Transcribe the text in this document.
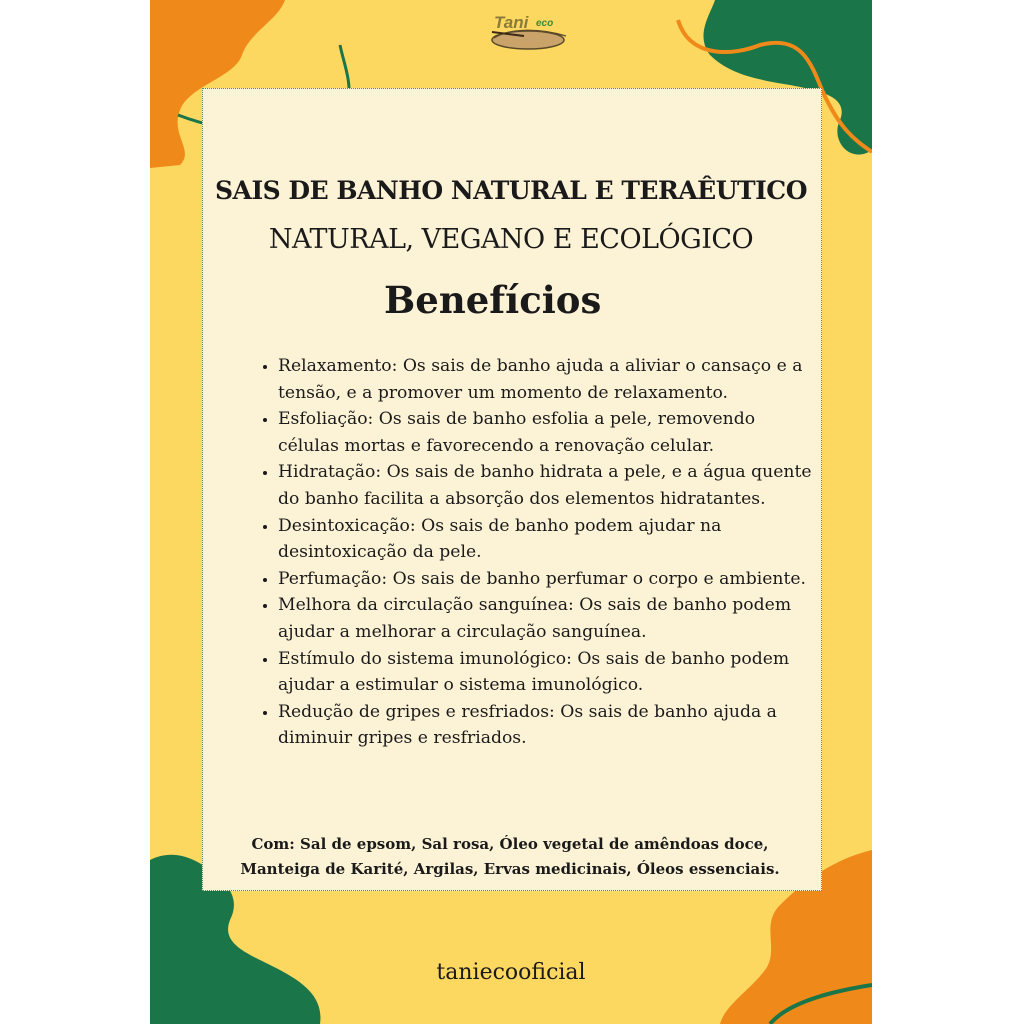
Tani eco
SAIS DE BANHO NATURAL E TERAÊUTICO
NATURAL, VEGANO E ECOLÓGICO
Benefícios
• Relaxamento: Os sais de banho ajuda a aliviar o cansaço e a tensão, e a promover um momento de relaxamento.
• Esfoliação: Os sais de banho esfolia a pele, removendo células mortas e favorecendo a renovação celular.
• Hidratação: Os sais de banho hidrata a pele, e a água quente do banho facilita a absorção dos elementos hidratantes.
• Desintoxicação: Os sais de banho podem ajudar na desintoxicação da pele.
• Perfumação: Os sais de banho perfumar o corpo e ambiente.
• Melhora da circulação sanguínea: Os sais de banho podem ajudar a melhorar a circulação sanguínea.
• Estímulo do sistema imunológico: Os sais de banho podem ajudar a estimular o sistema imunológico.
• Redução de gripes e resfriados: Os sais de banho ajuda a diminuir gripes e resfriados.
Com: Sal de epsom, Sal rosa, Óleo vegetal de amêndoas doce, Manteiga de Karité, Argilas, Ervas medicinais, Óleos essenciais.
taniecooficial
